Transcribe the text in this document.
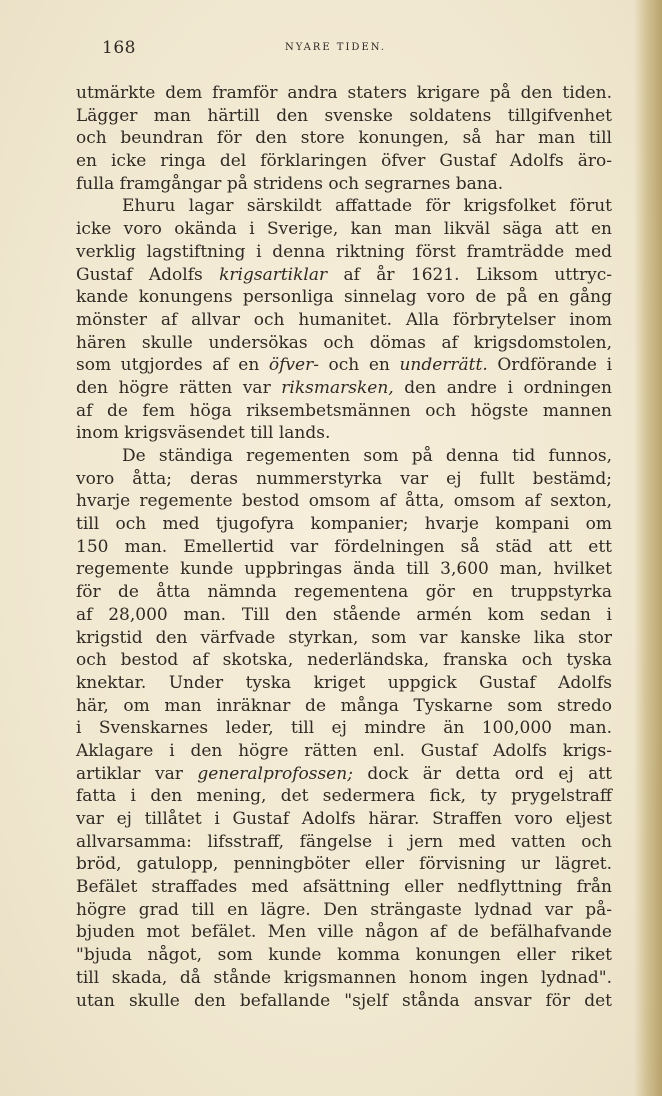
168	NYARE TIDEN.
utmärkte dem framför andra staters krigare på den tiden.
Lägger man härtill den svenske soldatens tillgifvenhet
och beundran för den store konungen, så har man till
en icke ringa del förklaringen öfver Gustaf Adolfs äro-
fulla framgångar på stridens och segrarnes bana.
Ehuru lagar särskildt affattade för krigsfolket förut
icke voro okända i Sverige, kan man likväl säga att en
verklig lagstiftning i denna riktning först framträdde med
Gustaf Adolfs krigsartiklar af år 1621. Liksom uttryc-
kande konungens personliga sinnelag voro de på en gång
mönster af allvar och humanitet. Alla förbrytelser inom
hären skulle undersökas och dömas af krigsdomstolen,
som utgjordes af en öfver- och en underrätt. Ordförande i
den högre rätten var riksmarsken, den andre i ordningen
af de fem höga riksembetsmännen och högste mannen
inom krigsväsendet till lands.
De ständiga regementen som på denna tid funnos,
voro åtta; deras nummerstyrka var ej fullt bestämd;
hvarje regemente bestod omsom af åtta, omsom af sexton,
till och med tjugofyra kompanier; hvarje kompani om
150 man. Emellertid var fördelningen så städ att ett
regemente kunde uppbringas ända till 3,600 man, hvilket
för de åtta nämnda regementena gör en truppstyrka
af 28,000 man. Till den stående armén kom sedan i
krigstid den värfvade styrkan, som var kanske lika stor
och bestod af skotska, nederländska, franska och tyska
knektar. Under tyska kriget uppgick Gustaf Adolfs
här, om man inräknar de många Tyskarne som stredo
i Svenskarnes leder, till ej mindre än 100,000 man.
Aklagare i den högre rätten enl. Gustaf Adolfs krigs-
artiklar var generalprofossen; dock är detta ord ej att
fatta i den mening, det sedermera fick, ty prygelstraff
var ej tillåtet i Gustaf Adolfs härar. Straffen voro eljest
allvarsamma: lifsstraff, fängelse i jern med vatten och
bröd, gatulopp, penningböter eller förvisning ur lägret.
Befälet straffades med afsättning eller nedflyttning från
högre grad till en lägre. Den strängaste lydnad var på-
bjuden mot befälet. Men ville någon af de befälhafvande
"bjuda något, som kunde komma konungen eller riket
till skada, då stånde krigsmannen honom ingen lydnad".
utan skulle den befallande "sjelf stånda ansvar för det
